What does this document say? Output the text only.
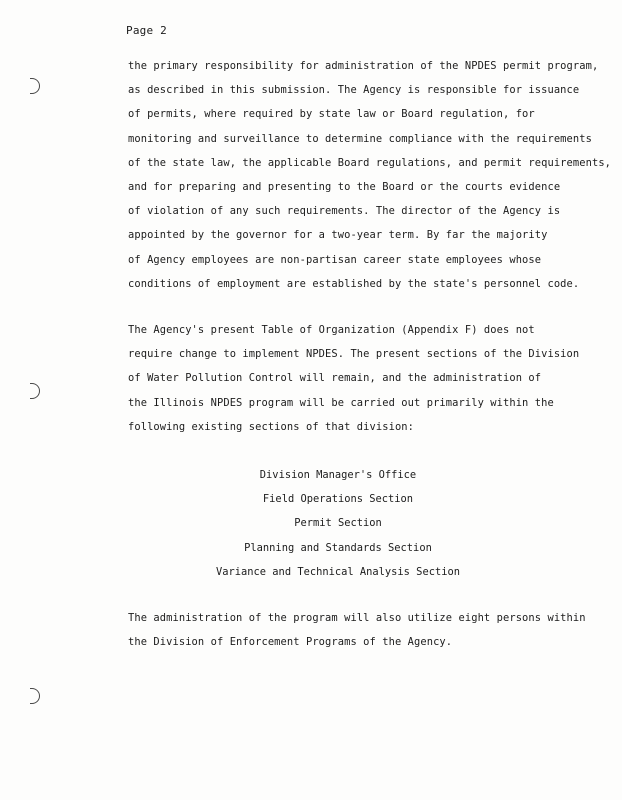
Page 2
the primary responsibility for administration of the NPDES permit program,
as described in this submission. The Agency is responsible for issuance
of permits, where required by state law or Board regulation, for
monitoring and surveillance to determine compliance with the requirements
of the state law, the applicable Board regulations, and permit requirements,
and for preparing and presenting to the Board or the courts evidence
of violation of any such requirements. The director of the Agency is
appointed by the governor for a two-year term. By far the majority
of Agency employees are non-partisan career state employees whose
conditions of employment are established by the state's personnel code.
The Agency's present Table of Organization (Appendix F) does not
require change to implement NPDES. The present sections of the Division
of Water Pollution Control will remain, and the administration of
the Illinois NPDES program will be carried out primarily within the
following existing sections of that division:
Division Manager's Office
Field Operations Section
Permit Section
Planning and Standards Section
Variance and Technical Analysis Section
The administration of the program will also utilize eight persons within
the Division of Enforcement Programs of the Agency.
